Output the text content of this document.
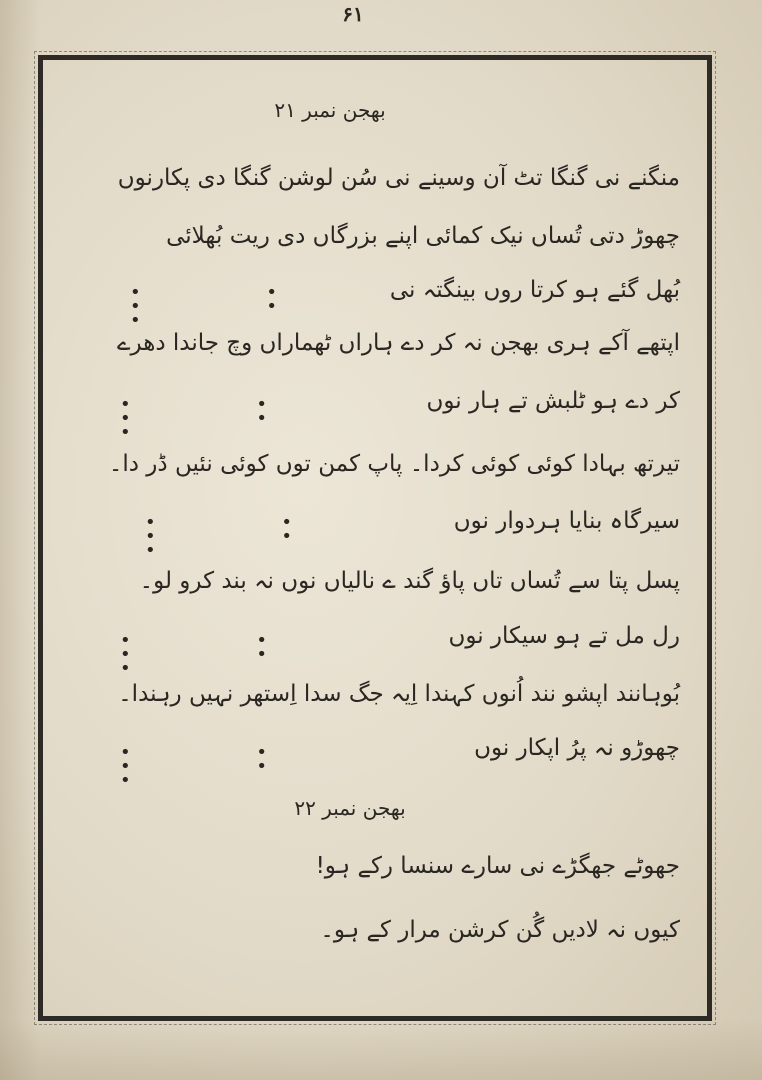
۶۱
بھجن نمبر ۲۱
منگنے نی گنگا تٹ آن وسینے نی سُن لوشن گنگا دی پکارنوں
چھوڑ دتی تُساں نیک کمائی اپنے بزرگاں دی ریت بُھلائی
بُھل گئے ہو کرتا روں بینگتہ نی
• • • • •
اپتھے آکے ہری بھجن نہ کر دے ہاراں ٹھماراں وچ جاندا دھرے
کر دے ہو ٹلبش تے ہار نوں
• • • • •
تیرتھ بہادا کوئی کوئی کردا۔ پاپ کمن توں کوئی نئیں ڈر دا۔
سیرگاہ بنایا ہردوار نوں
• • • • •
پسل پتا سے تُساں تاں پاؤ گند ے نالیاں نوں نہ بند کرو لو۔
رل مل تے ہو سیکار نوں
• • • • •
بُوہانند اپشو نند اُنوں کہندا اِیہ جگ سدا اِستھر نہیں رہندا۔
چھوڑو نہ پرُ اپکار نوں
• • • • •
بھجن نمبر ۲۲
جھوٹے جھگڑے نی سارے سنسا رکے ہو!
کیوں نہ لادیں گُن کرشن مرار کے ہو۔
